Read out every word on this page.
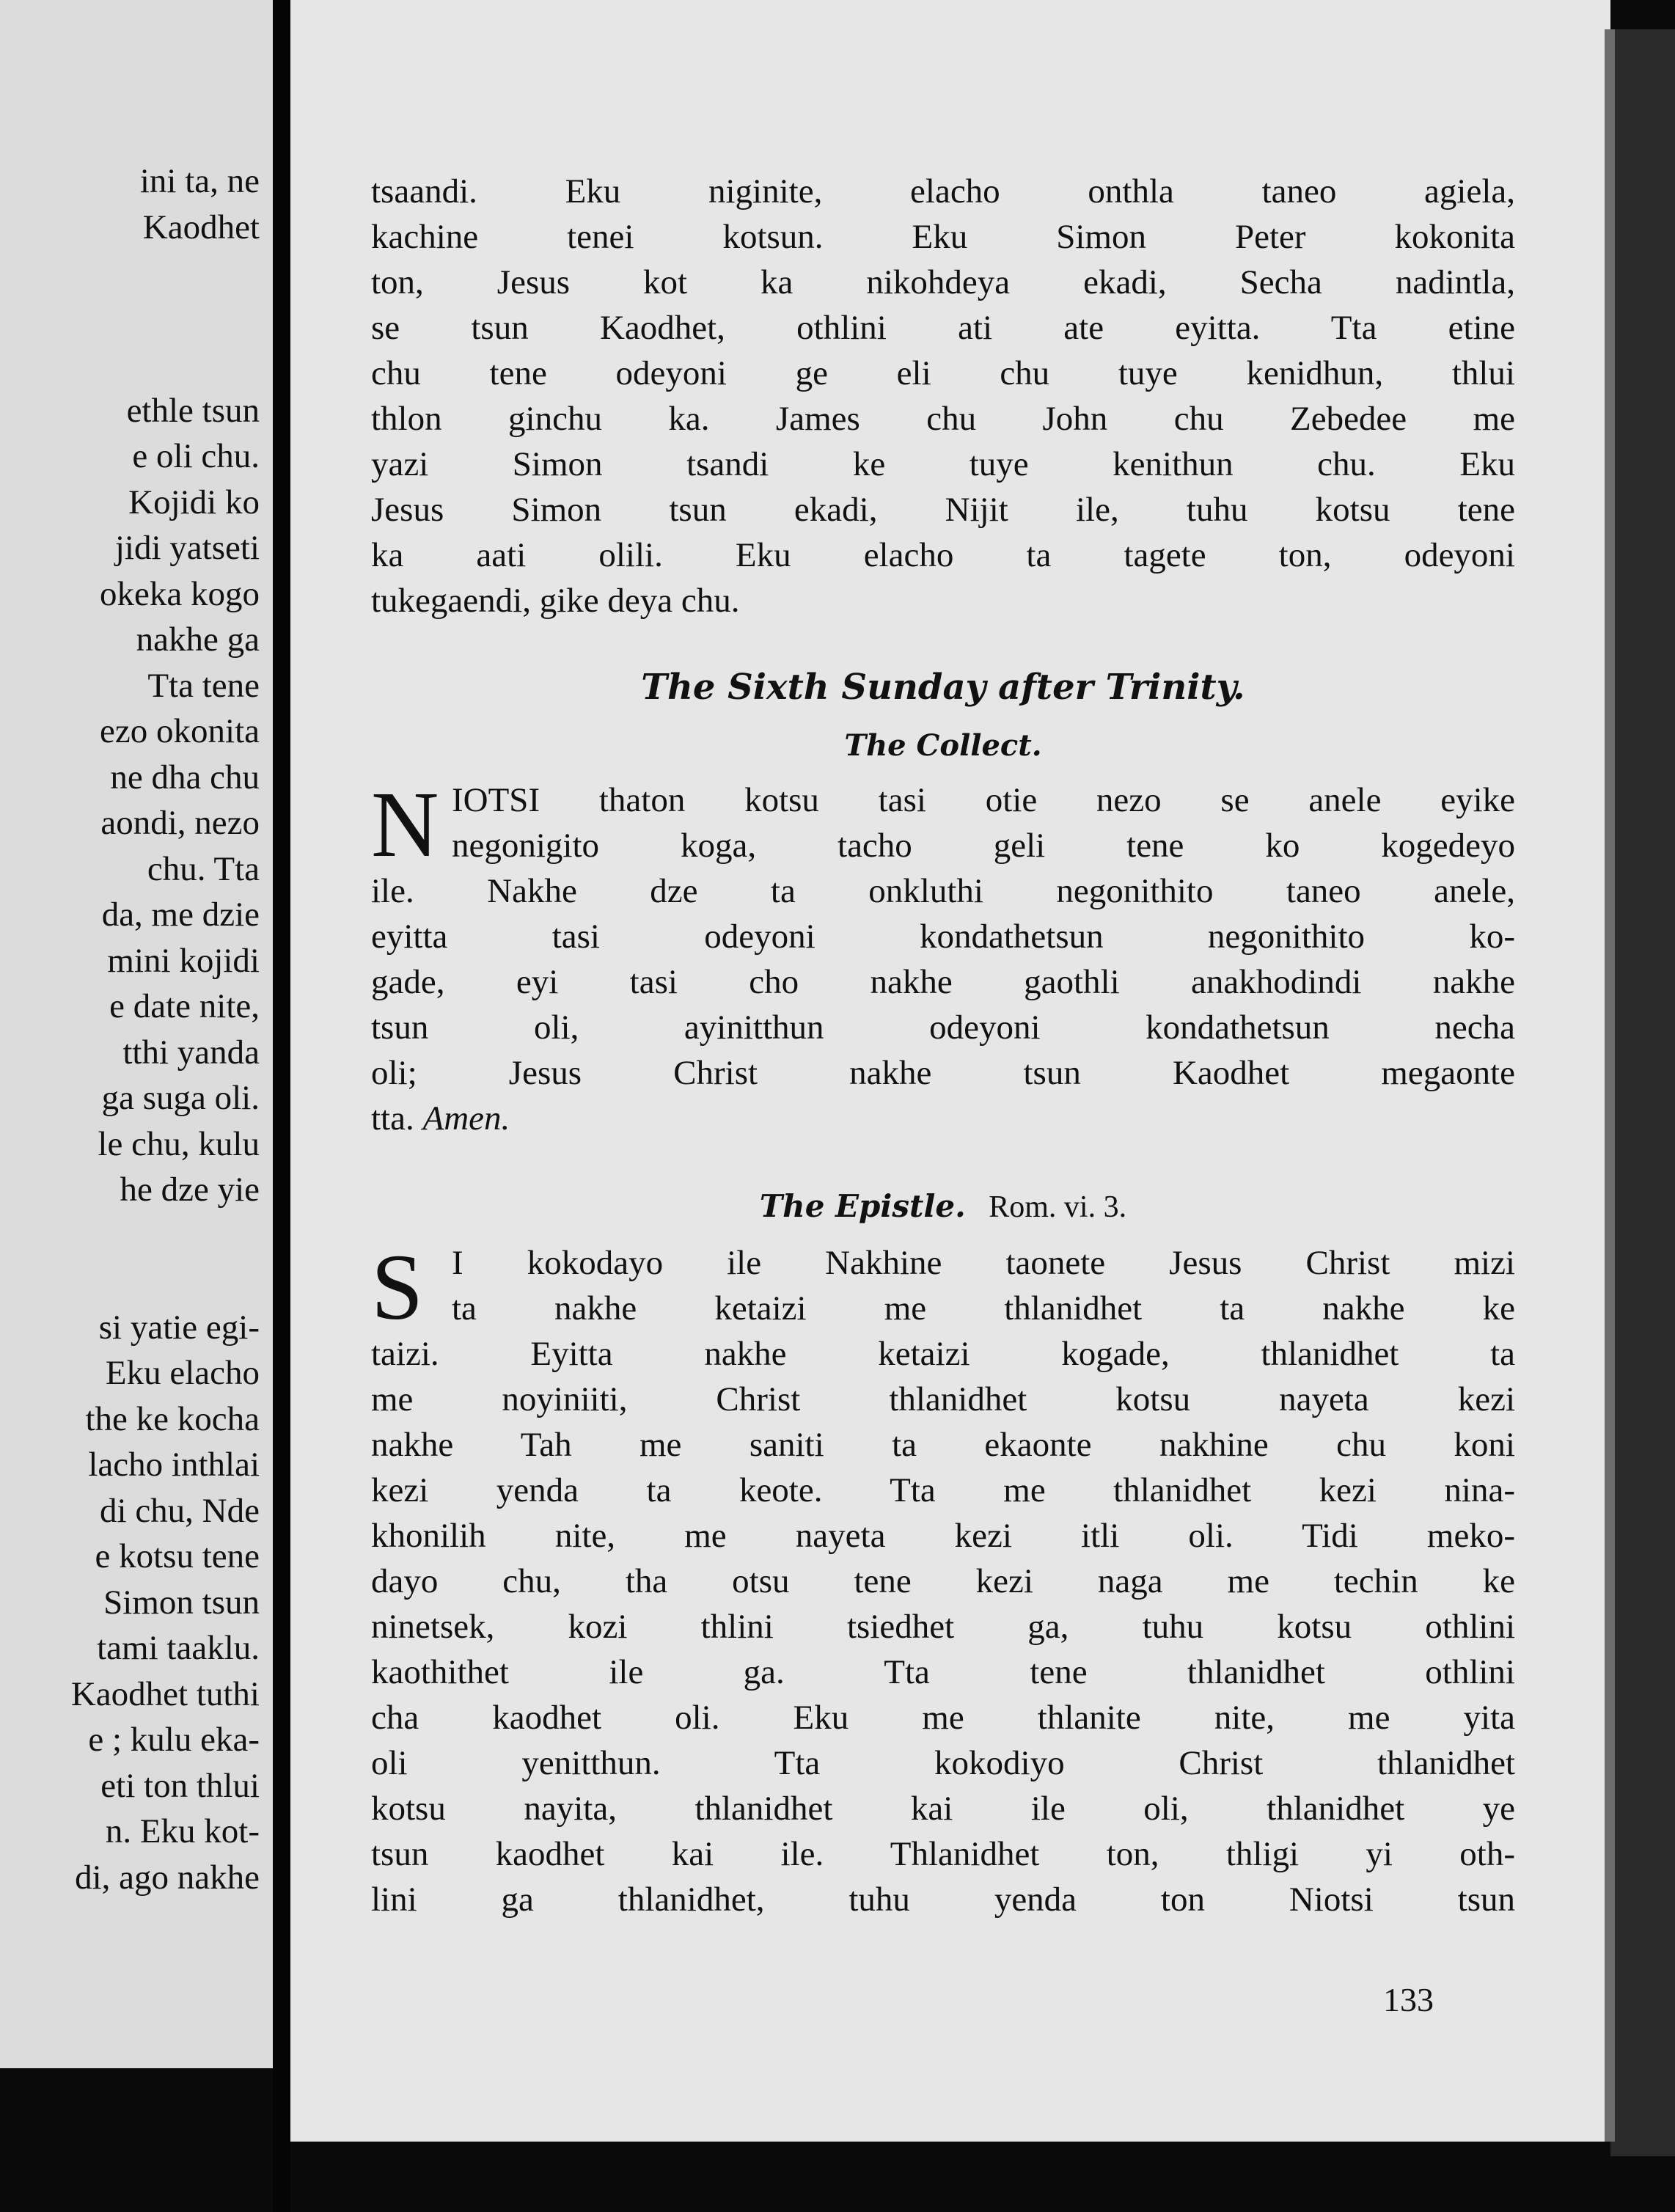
ini ta, ne
Kaodhet

ethle tsun
e oli chu.
Kojidi ko
jidi yatseti
okeka kogo
nakhe ga
Tta tene
ezo okonita
ne dha chu
aondi, nezo
chu. Tta
da, me dzie
mini kojidi
e date nite,
tthi yanda
ga suga oli.
le chu, kulu
he dze yie

si yatie egi-
Eku elacho
the ke kocha
lacho inthlai
di chu, Nde
e kotsu tene
Simon tsun
tami taaklu.
Kaodhet tuthi
e ; kulu eka-
eti ton thlui
n. Eku kot-
di, ago nakhe
tsaandi. Eku niginite, elacho onthla taneo agiela,
kachine tenei kotsun. Eku Simon Peter kokonita
ton, Jesus kot ka nikohdeya ekadi, Secha nadintla,
se tsun Kaodhet, othlini ati ate eyitta. Tta etine
chu tene odeyoni ge eli chu tuye kenidhun, thlui
thlon ginchu ka. James chu John chu Zebedee me
yazi Simon tsandi ke tuye kenithun chu. Eku
Jesus Simon tsun ekadi, Nijit ile, tuhu kotsu tene
ka aati olili. Eku elacho ta tagete ton, odeyoni
tukegaendi, gike deya chu.
The Sixth Sunday after Trinity.
The Collect.
N IOTSI thaton kotsu tasi otie nezo se anele eyike
negonigito koga, tacho geli tene ko kogedeyo
ile. Nakhe dze ta onkluthi negonithito taneo anele,
eyitta tasi odeyoni kondathetsun negonithito ko-
gade, eyi tasi cho nakhe gaothli anakhodindi nakhe
tsun oli, ayinitthun odeyoni kondathetsun necha
oli; Jesus Christ nakhe tsun Kaodhet megaonte
tta. Amen.
The Epistle. Rom. vi. 3.
S I kokodayo ile Nakhine taonete Jesus Christ mizi
ta nakhe ketaizi me thlanidhet ta nakhe ke
taizi. Eyitta nakhe ketaizi kogade, thlanidhet ta
me noyiniiti, Christ thlanidhet kotsu nayeta kezi
nakhe Tah me saniti ta ekaonte nakhine chu koni
kezi yenda ta keote. Tta me thlanidhet kezi nina-
khonilih nite, me nayeta kezi itli oli. Tidi meko-
dayo chu, tha otsu tene kezi naga me techin ke
ninetsek, kozi thlini tsiedhet ga, tuhu kotsu othlini
kaothithet ile ga. Tta tene thlanidhet othlini
cha kaodhet oli. Eku me thlanite nite, me yita
oli yenitthun. Tta kokodiyo Christ thlanidhet
kotsu nayita, thlanidhet kai ile oli, thlanidhet ye
tsun kaodhet kai ile. Thlanidhet ton, thligi yi oth-
lini ga thlanidhet, tuhu yenda ton Niotsi tsun
133
